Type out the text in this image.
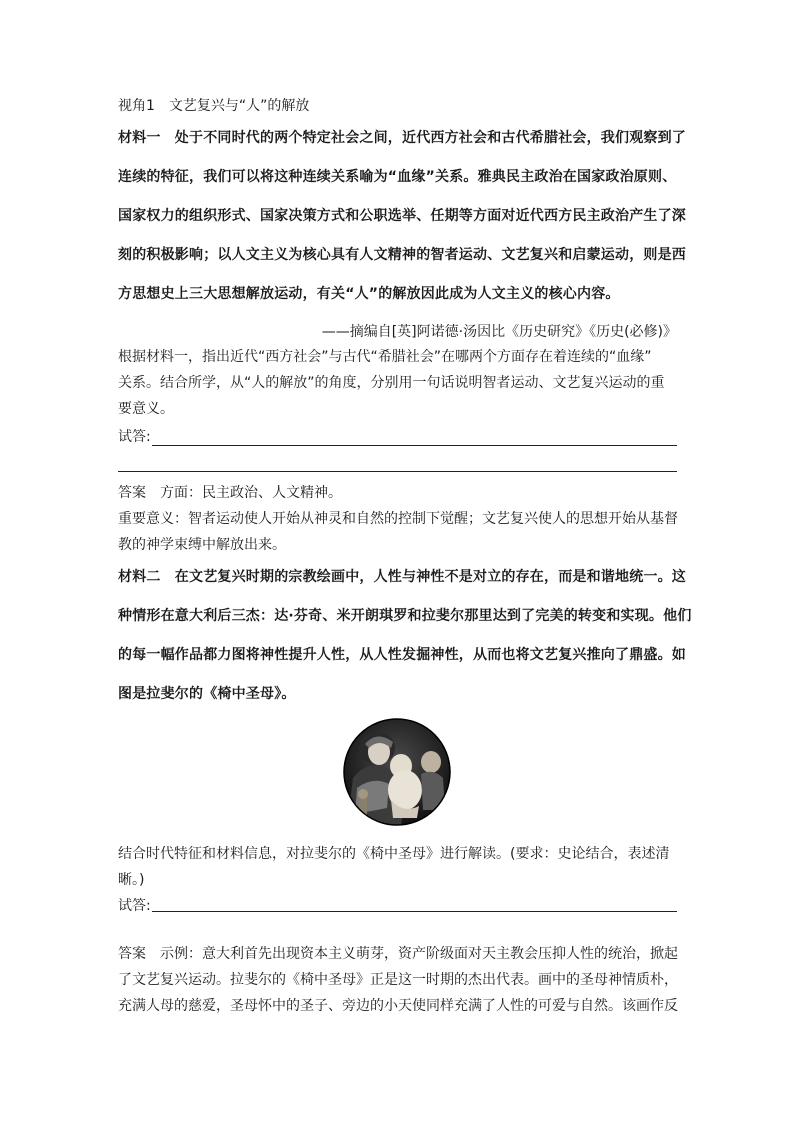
视角1　文艺复兴与“人”的解放
材料一　处于不同时代的两个特定社会之间，近代西方社会和古代希腊社会，我们观察到了
连续的特征，我们可以将这种连续关系喻为“血缘”关系。雅典民主政治在国家政治原则、
国家权力的组织形式、国家决策方式和公职选举、任期等方面对近代西方民主政治产生了深
刻的积极影响；以人文主义为核心具有人文精神的智者运动、文艺复兴和启蒙运动，则是西
方思想史上三大思想解放运动，有关“人”的解放因此成为人文主义的核心内容。
——摘编自[英]阿诺德·汤因比《历史研究》《历史(必修)》
根据材料一，指出近代“西方社会”与古代“希腊社会”在哪两个方面存在着连续的“血缘”
关系。结合所学，从“人的解放”的角度，分别用一句话说明智者运动、文艺复兴运动的重
要意义。
试答:
答案　方面：民主政治、人文精神。
重要意义：智者运动使人开始从神灵和自然的控制下觉醒；文艺复兴使人的思想开始从基督
教的神学束缚中解放出来。
材料二　在文艺复兴时期的宗教绘画中，人性与神性不是对立的存在，而是和谐地统一。这
种情形在意大利后三杰：达·芬奇、米开朗琪罗和拉斐尔那里达到了完美的转变和实现。他们
的每一幅作品都力图将神性提升人性，从人性发掘神性，从而也将文艺复兴推向了鼎盛。如
图是拉斐尔的《椅中圣母》。
结合时代特征和材料信息，对拉斐尔的《椅中圣母》进行解读。(要求：史论结合，表述清
晰。)
试答:
答案　示例：意大利首先出现资本主义萌芽，资产阶级面对天主教会压抑人性的统治，掀起
了文艺复兴运动。拉斐尔的《椅中圣母》正是这一时期的杰出代表。画中的圣母神情质朴，
充满人母的慈爱，圣母怀中的圣子、旁边的小天使同样充满了人性的可爱与自然。该画作反
